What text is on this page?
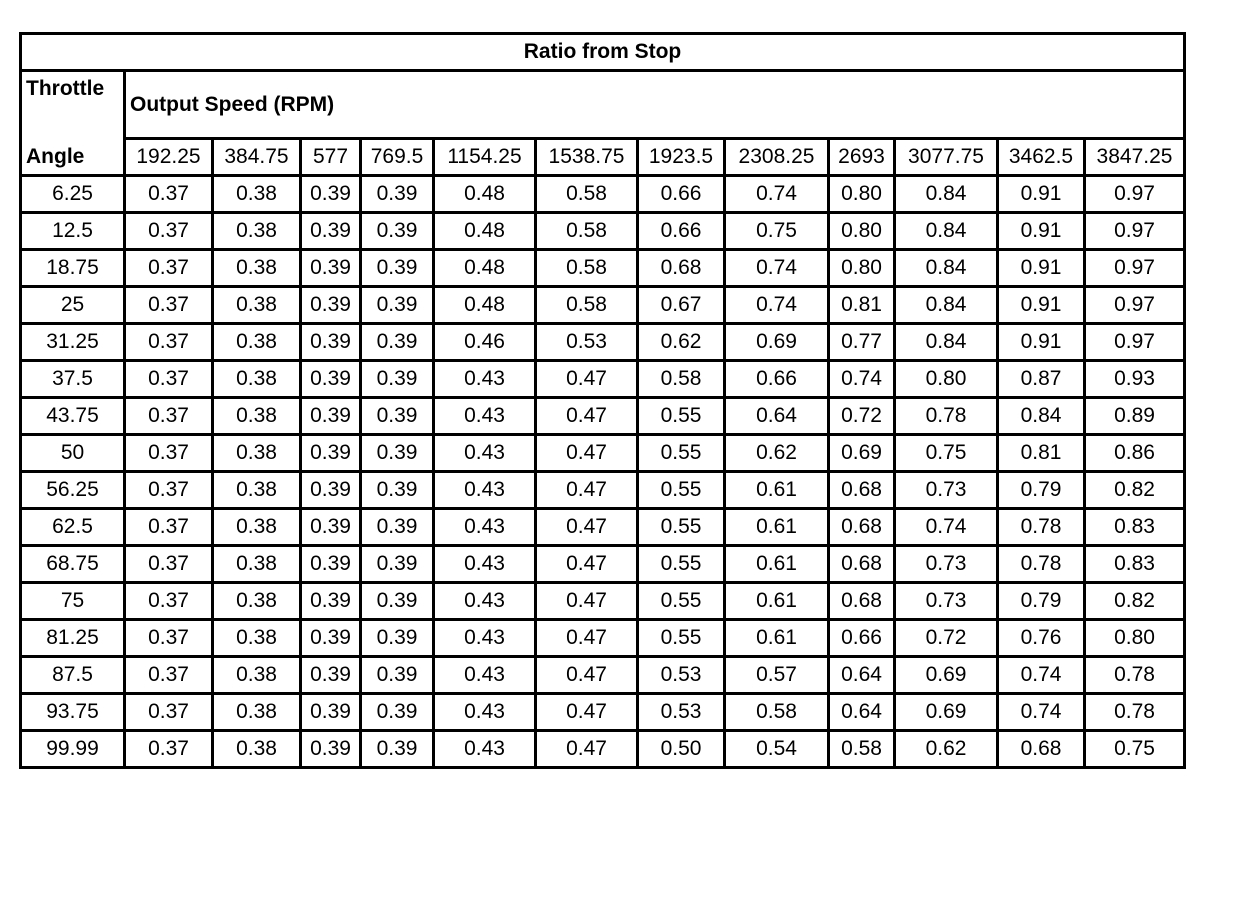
Ratio from Stop												

Throttle
Angle	Output Speed (RPM)											
	192.25	384.75	577	769.5	1154.25	1538.75	1923.5	2308.25	2693	3077.75	3462.5	3847.25
6.25	0.37	0.38	0.39	0.39	0.48	0.58	0.66	0.74	0.80	0.84	0.91	0.97
12.5	0.37	0.38	0.39	0.39	0.48	0.58	0.66	0.75	0.80	0.84	0.91	0.97
18.75	0.37	0.38	0.39	0.39	0.48	0.58	0.68	0.74	0.80	0.84	0.91	0.97
25	0.37	0.38	0.39	0.39	0.48	0.58	0.67	0.74	0.81	0.84	0.91	0.97
31.25	0.37	0.38	0.39	0.39	0.46	0.53	0.62	0.69	0.77	0.84	0.91	0.97
37.5	0.37	0.38	0.39	0.39	0.43	0.47	0.58	0.66	0.74	0.80	0.87	0.93
43.75	0.37	0.38	0.39	0.39	0.43	0.47	0.55	0.64	0.72	0.78	0.84	0.89
50	0.37	0.38	0.39	0.39	0.43	0.47	0.55	0.62	0.69	0.75	0.81	0.86
56.25	0.37	0.38	0.39	0.39	0.43	0.47	0.55	0.61	0.68	0.73	0.79	0.82
62.5	0.37	0.38	0.39	0.39	0.43	0.47	0.55	0.61	0.68	0.74	0.78	0.83
68.75	0.37	0.38	0.39	0.39	0.43	0.47	0.55	0.61	0.68	0.73	0.78	0.83
75	0.37	0.38	0.39	0.39	0.43	0.47	0.55	0.61	0.68	0.73	0.79	0.82
81.25	0.37	0.38	0.39	0.39	0.43	0.47	0.55	0.61	0.66	0.72	0.76	0.80
87.5	0.37	0.38	0.39	0.39	0.43	0.47	0.53	0.57	0.64	0.69	0.74	0.78
93.75	0.37	0.38	0.39	0.39	0.43	0.47	0.53	0.58	0.64	0.69	0.74	0.78
99.99	0.37	0.38	0.39	0.39	0.43	0.47	0.50	0.54	0.58	0.62	0.68	0.75
